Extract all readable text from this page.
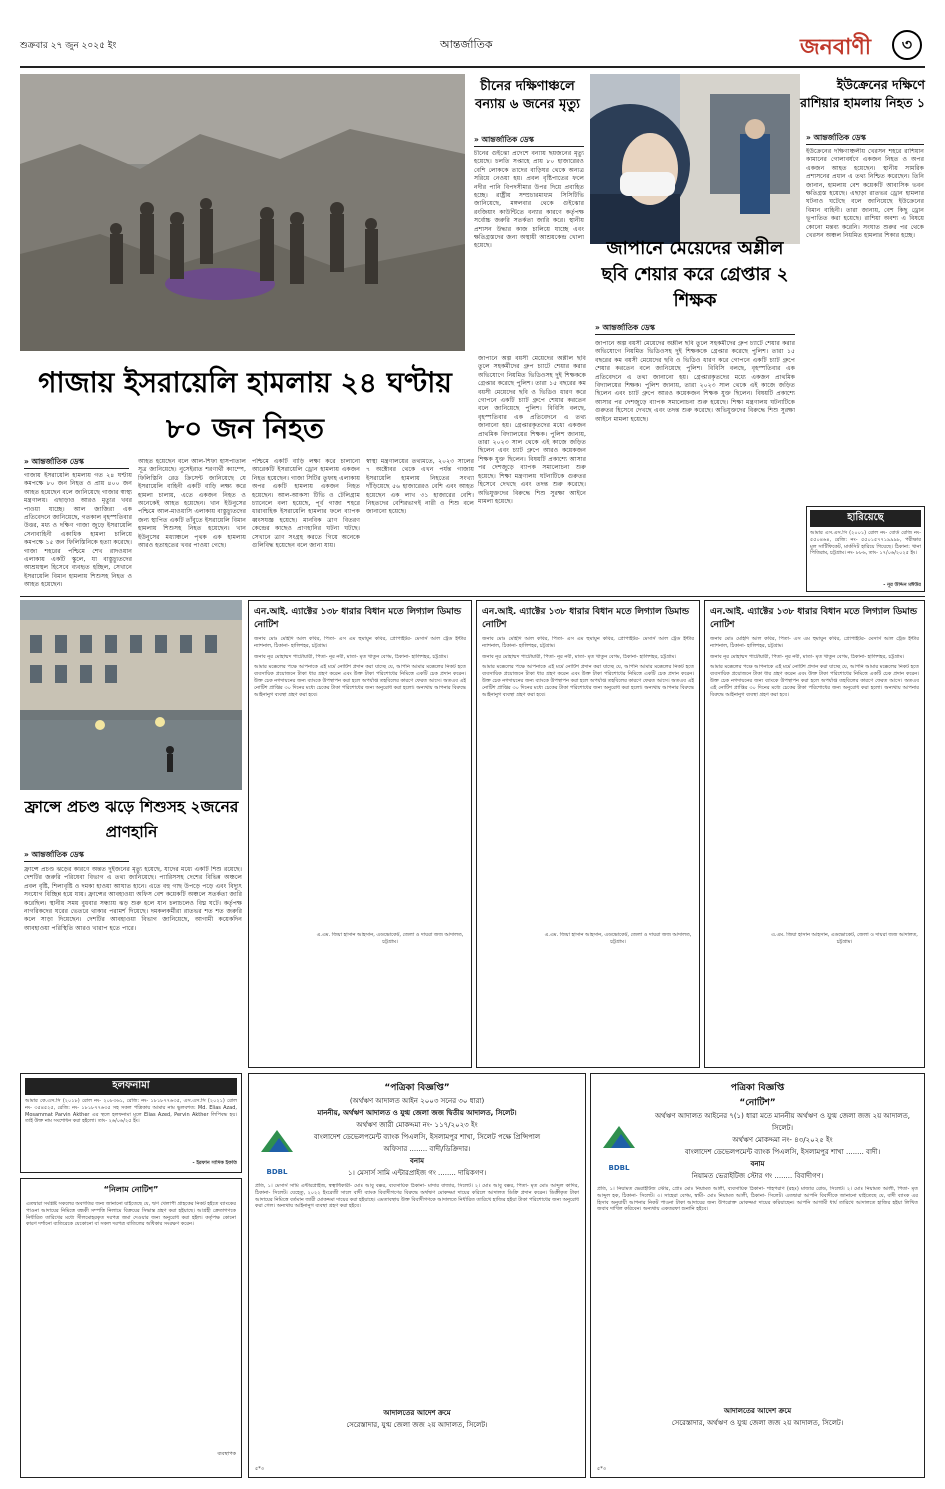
শুক্রবার ২৭ জুন ২০২৫ ইং	আন্তর্জাতিক	জনবাণী	৩
চীনের দক্ষিণাঞ্চলে বন্যায় ৬ জনের মৃত্যু
» আন্তর্জাতিক ডেস্ক
চীনের গুইঝো প্রদেশে বন্যায় ছয়জনের মৃত্যু হয়েছে। চলতি সপ্তাহে প্রায় ৮০ হাজারেরও বেশি লোককে তাদের বাড়িঘর থেকে অন্যত্র সরিয়ে নেওয়া হয়। প্রবল বৃষ্টিপাতের ফলে নদীর পানি বিপদসীমার উপর দিয়ে প্রবাহিত হচ্ছে। রাষ্ট্রীয় সম্প্রচারমাধ্যম সিসিটিভি জানিয়েছে, মঙ্গলবার থেকে গুইঝোর রংজিয়াং কাউন্টিতে বন্যার কারণে কর্তৃপক্ষ সর্বোচ্চ জরুরি সতর্কতা জারি করে। স্থানীয় প্রশাসন উদ্ধার কাজ চালিয়ে যাচ্ছে এবং ক্ষতিগ্রস্তদের জন্য অস্থায়ী আশ্রয়কেন্দ্র খোলা হয়েছে।
ইউক্রেনের দক্ষিণে রাশিয়ার হামলায় নিহত ১
» আন্তর্জাতিক ডেস্ক
ইউক্রেনের দক্ষিণাঞ্চলীয় খেরসন শহরে রাশিয়ান কামানের গোলাবর্ষণে একজন নিহত ও অপর একজন আহত হয়েছেন। স্থানীয় সামরিক প্রশাসনের প্রধান এ তথ্য নিশ্চিত করেছেন। তিনি জানান, হামলায় বেশ কয়েকটি আবাসিক ভবন ক্ষতিগ্রস্ত হয়েছে। এছাড়া রাতভর ড্রোন হামলার ঘটনাও ঘটেছে বলে জানিয়েছে ইউক্রেনের বিমান বাহিনী। তারা জানায়, বেশ কিছু ড্রোন ভূপাতিত করা হয়েছে। রাশিয়া অবশ্য এ বিষয়ে কোনো মন্তব্য করেনি। সংঘাত শুরুর পর থেকে খেরসন অঞ্চল নিয়মিত হামলার শিকার হচ্ছে।
জাপানে মেয়েদের অশ্লীল ছবি শেয়ার করে গ্রেপ্তার ২ শিক্ষক
» আন্তর্জাতিক ডেস্ক
জাপানে অল্প বয়সী মেয়েদের অশ্লীল ছবি তুলে সহকর্মীদের গ্রুপ চ্যাটে শেয়ার করার অভিযোগে নিয়মিত ভিডিওসহ দুই শিক্ষককে গ্রেপ্তার করেছে পুলিশ। তারা ১৫ বছরের কম বয়সী মেয়েদের ছবি ও ভিডিও ধারণ করে গোপনে একটি চ্যাট গ্রুপে শেয়ার করতেন বলে জানিয়েছে পুলিশ। বিবিসি বলছে, বৃহস্পতিবার এক প্রতিবেদনে এ তথ্য জানানো হয়। গ্রেপ্তারকৃতদের মধ্যে একজন প্রাথমিক বিদ্যালয়ের শিক্ষক। পুলিশ জানায়, তারা ২০২৩ সাল থেকে এই কাজে জড়িত ছিলেন এবং চ্যাট গ্রুপে আরও কয়েকজন শিক্ষক যুক্ত ছিলেন। বিষয়টি প্রকাশ্যে আসার পর দেশজুড়ে ব্যাপক সমালোচনা শুরু হয়েছে। শিক্ষা মন্ত্রণালয় ঘটনাটিকে গুরুতর হিসেবে দেখছে এবং তদন্ত শুরু করেছে। অভিযুক্তদের বিরুদ্ধে শিশু সুরক্ষা আইনে মামলা হয়েছে।
গাজায় ইসরায়েলি হামলায় ২৪ ঘণ্টায় ৮০ জন নিহত
» আন্তর্জাতিক ডেস্ক
গাজায় ইসরায়েলি হামলায় গত ২৪ ঘণ্টায় কমপক্ষে ৮০ জন নিহত ও প্রায় ৪০০ জন আহত হয়েছেন বলে জানিয়েছে গাজার স্বাস্থ্য মন্ত্রণালয়। এছাড়াও আরও মৃত্যুর খবর পাওয়া যাচ্ছে। আল জাজিরা এক প্রতিবেদনে জানিয়েছে, গতকাল বৃহস্পতিবার উত্তর, মধ্য ও দক্ষিণ গাজা জুড়ে ইসরায়েলি সেনাবাহিনী একাধিক হামলা চালিয়ে কমপক্ষে ১৫ জন ফিলিস্তিনিকে হত্যা করেছে। গাজা শহরের পশ্চিমে শেখ রাদওয়ান এলাকায় একটি স্কুলে, যা বাস্তুচ্যুতদের আশ্রয়স্থল হিসেবে ব্যবহৃত হচ্ছিল, সেখানে ইসরায়েলি বিমান হামলায় শিশুসহ নিহত ও আহত হয়েছেন।
আহত হয়েছেন বলে আল-শিফা হাসপাতাল সূত্র জানিয়েছে। নুসেইরাত শরণার্থী ক্যাম্পে, ফিলিস্তিনি রেড ক্রিসেন্ট জানিয়েছে যে ইসরায়েলি বাহিনী একটি বাড়ি লক্ষ্য করে হামলা চালায়, এতে একজন নিহত ও অনেকেই আহত হয়েছেন। খান ইউনুসের পশ্চিমে আল-মাওয়াসি এলাকায় বাস্তুচ্যুতদের জন্য স্থাপিত একটি তাঁবুতে ইসরায়েলি বিমান হামলায় শিশুসহ নিহত হয়েছেন। খান ইউনুসের মধ্যাঞ্চলে পৃথক এক হামলায় আরও হতাহতের খবর পাওয়া গেছে।
পশ্চিমে একটি বাড়ি লক্ষ্য করে চালানো আরেকটি ইসরায়েলি ড্রোন হামলায় একজন নিহত হয়েছেন। গাজা সিটির তুফাহ এলাকায় অপর একটি হামলায় একজন নিহত হয়েছেন। আল-আকসা টিভি ও টেলিগ্রাম চ্যানেলে বলা হয়েছে, পূর্ব গাজা শহরে ধারাবাহিক ইসরায়েলি হামলার ফলে ব্যাপক ধ্বংসযজ্ঞ হয়েছে। মানবিক ত্রাণ বিতরণ কেন্দ্রের কাছেও প্রাণহানির ঘটনা ঘটছে। সেখানে ত্রাণ সংগ্রহ করতে গিয়ে অনেকে গুলিবিদ্ধ হয়েছেন বলে জানা যায়।
স্বাস্থ্য মন্ত্রণালয়ের তথ্যমতে, ২০২৩ সালের ৭ অক্টোবর থেকে এখন পর্যন্ত গাজায় ইসরায়েলি হামলায় নিহতের সংখ্যা দাঁড়িয়েছে ৫৬ হাজারেরও বেশি এবং আহত হয়েছেন এক লাখ ৩১ হাজারের বেশি। নিহতদের বেশিরভাগই নারী ও শিশু বলে জানানো হয়েছে।
জাপানে অল্প বয়সী মেয়েদের অশ্লীল ছবি তুলে সহকর্মীদের গ্রুপ চ্যাটে শেয়ার করার অভিযোগে নিয়মিত ভিডিওসহ দুই শিক্ষককে গ্রেপ্তার করেছে পুলিশ। তারা ১৫ বছরের কম বয়সী মেয়েদের ছবি ও ভিডিও ধারণ করে গোপনে একটি চ্যাট গ্রুপে শেয়ার করতেন বলে জানিয়েছে পুলিশ। বিবিসি বলছে, বৃহস্পতিবার এক প্রতিবেদনে এ তথ্য জানানো হয়। গ্রেপ্তারকৃতদের মধ্যে একজন প্রাথমিক বিদ্যালয়ের শিক্ষক। পুলিশ জানায়, তারা ২০২৩ সাল থেকে এই কাজে জড়িত ছিলেন এবং চ্যাট গ্রুপে আরও কয়েকজন শিক্ষক যুক্ত ছিলেন। বিষয়টি প্রকাশ্যে আসার পর দেশজুড়ে ব্যাপক সমালোচনা শুরু হয়েছে। শিক্ষা মন্ত্রণালয় ঘটনাটিকে গুরুতর হিসেবে দেখছে এবং তদন্ত শুরু করেছে। অভিযুক্তদের বিরুদ্ধে শিশু সুরক্ষা আইনে মামলা হয়েছে।
হারিয়েছে
আমার এস.এস.সি (২০০১) রোল নং- বোর্ড রেজি নং- ৫৫০৪৬৪, রেজি: নং- ৫৫০১৫৭৭১৯৯৯৮, পরীক্ষার মূল সার্টিফিকেট, মার্কসিট হারিয়ে গিয়েছে। ঠিকানা: খানা পিতিরাম, চট্টগ্রাম। নং- ৮৮৬, তাং- ১৭/০৬/২০২৫ ইং।
- নূর উদ্দিন মঈউর
ফ্রান্সে প্রচণ্ড ঝড়ে শিশুসহ ২জনের প্রাণহানি
» আন্তর্জাতিক ডেস্ক
ফ্রান্সে প্রচণ্ড ঝড়ের কারণে অন্তত দুইজনের মৃত্যু হয়েছে, যাদের মধ্যে একটি শিশু রয়েছে। দেশটির জরুরি পরিষেবা বিভাগ এ তথ্য জানিয়েছে। প্যারিসসহ দেশের বিভিন্ন অঞ্চলে প্রবল বৃষ্টি, শিলাবৃষ্টি ও দমকা হাওয়া আঘাত হানে। এতে বহু গাছ উপড়ে পড়ে এবং বিদ্যুৎ সংযোগ বিচ্ছিন্ন হয়ে যায়। ফ্রান্সের আবহাওয়া অফিস বেশ কয়েকটি অঞ্চলে সতর্কতা জারি করেছিল। স্থানীয় সময় বুধবার সন্ধ্যায় ঝড় শুরু হলে যান চলাচলেও বিঘ্ন ঘটে। কর্তৃপক্ষ নাগরিকদের ঘরের ভেতরে থাকার পরামর্শ দিয়েছে। দমকলকর্মীরা রাতভর শত শত জরুরি কলে সাড়া দিয়েছেন। দেশটির আবহাওয়া বিভাগ জানিয়েছে, আগামী কয়েকদিন আবহাওয়া পরিস্থিতি আরও খারাপ হতে পারে।
এন.আই. এ্যাক্টের ১৩৮ ধারার বিধান মতে লিগ্যাল ডিমান্ড নোটিশ
জনাব মোঃ মেহিদি আল কবির, পিতা- এস এম হুমায়ুন কবির, প্রোপাইটর- মেসার্স আল ট্রেড ইন্টার ন্যাশনাল, ঠিকানা- হালিশহর, চট্টগ্রাম।
জনাব নূর মোহাম্মদ পাটোয়ারী, পিতা- নূর নবী, মাতা- মৃত খাতুন বেগম, ঠিকানা- হালিশহর, চট্টগ্রাম।
আমার মক্কেলের পক্ষে আপনাকে এই মর্মে নোটিশ প্রদান করা যাচ্ছে যে, আপনি আমার মক্কেলের নিকট হতে ব্যবসায়িক প্রয়োজনে টাকা ধার গ্রহণ করেন এবং উক্ত টাকা পরিশোধের নিমিত্তে একটি চেক প্রদান করেন। উক্ত চেক নগদায়নের জন্য ব্যাংকে উপস্থাপন করা হলে অপর্যাপ্ত তহবিলের কারণে ফেরত আসে। অতএব এই নোটিশ প্রাপ্তির ৩০ দিনের মধ্যে চেকের টাকা পরিশোধের জন্য অনুরোধ করা হলো। অন্যথায় আপনার বিরুদ্ধে আইনানুগ ব্যবস্থা গ্রহণ করা হবে।
এ.এম. জিয়া হাসান আহসান, এডভোকেট, জেলা ও দায়রা জজ আদালত, চট্টগ্রাম।
এন.আই. এ্যাক্টের ১৩৮ ধারার বিধান মতে লিগ্যাল ডিমান্ড নোটিশ
জনাব মোঃ মেহিদি আল কবির, পিতা- এস এম হুমায়ুন কবির, প্রোপাইটর- মেসার্স আল ট্রেড ইন্টার ন্যাশনাল, ঠিকানা- হালিশহর, চট্টগ্রাম।
জনাব নূর মোহাম্মদ পাটোয়ারী, পিতা- নূর নবী, মাতা- মৃত খাতুন বেগম, ঠিকানা- হালিশহর, চট্টগ্রাম।
আমার মক্কেলের পক্ষে আপনাকে এই মর্মে নোটিশ প্রদান করা যাচ্ছে যে, আপনি আমার মক্কেলের নিকট হতে ব্যবসায়িক প্রয়োজনে টাকা ধার গ্রহণ করেন এবং উক্ত টাকা পরিশোধের নিমিত্তে একটি চেক প্রদান করেন। উক্ত চেক নগদায়নের জন্য ব্যাংকে উপস্থাপন করা হলে অপর্যাপ্ত তহবিলের কারণে ফেরত আসে। অতএব এই নোটিশ প্রাপ্তির ৩০ দিনের মধ্যে চেকের টাকা পরিশোধের জন্য অনুরোধ করা হলো। অন্যথায় আপনার বিরুদ্ধে আইনানুগ ব্যবস্থা গ্রহণ করা হবে।
এ.এম. জিয়া হাসান আহসান, এডভোকেট, জেলা ও দায়রা জজ আদালত, চট্টগ্রাম।
এন.আই. এ্যাক্টের ১৩৮ ধারার বিধান মতে লিগ্যাল ডিমান্ড নোটিশ
জনাব মোঃ মেহিদি আল কবির, পিতা- এস এম হুমায়ুন কবির, প্রোপাইটর- মেসার্স আল ট্রেড ইন্টার ন্যাশনাল, ঠিকানা- হালিশহর, চট্টগ্রাম।
জনাব নূর মোহাম্মদ পাটোয়ারী, পিতা- নূর নবী, মাতা- মৃত খাতুন বেগম, ঠিকানা- হালিশহর, চট্টগ্রাম।
আমার মক্কেলের পক্ষে আপনাকে এই মর্মে নোটিশ প্রদান করা যাচ্ছে যে, আপনি আমার মক্কেলের নিকট হতে ব্যবসায়িক প্রয়োজনে টাকা ধার গ্রহণ করেন এবং উক্ত টাকা পরিশোধের নিমিত্তে একটি চেক প্রদান করেন। উক্ত চেক নগদায়নের জন্য ব্যাংকে উপস্থাপন করা হলে অপর্যাপ্ত তহবিলের কারণে ফেরত আসে। অতএব এই নোটিশ প্রাপ্তির ৩০ দিনের মধ্যে চেকের টাকা পরিশোধের জন্য অনুরোধ করা হলো। অন্যথায় আপনার বিরুদ্ধে আইনানুগ ব্যবস্থা গ্রহণ করা হবে।
এ.এম. জিয়া হাসান আহসান, এডভোকেট, জেলা ও দায়রা জজ আদালত, চট্টগ্রাম।
হলফনামা
আমার কে.এস.সি (২০১৮) রোল নং- ২০৮৩৬১, রেজি: নং- ১৮১৮৭৭৬৩৫, এস.এস.সি (২০২১) রোল নং- ৩৫৪৫২৫, রেজি: নং- ১৮১৮৭৭৬৩৫ সহ সকল পত্রিকায় আমার নাম ভুলবশত: Md. Elias Azad, Mosammat Parvin Akther এর স্থলে হলফনামা মূলে Elias Azed, Pervin Akther লিপিবদ্ধ হয়। তাই উক্ত নাম সংশোধন করা হইলো। তাং- ২৬/০৬/২৫ ইং।
- ইরফান সাদিক ইফতি
“নিলাম নোটিশ”
এতদ্বারা সংশ্লিষ্ট সকলের অবগতির জন্য জানানো যাইতেছে যে, ঋণ খেলাপী গ্রাহকের নিকট হইতে ব্যাংকের পাওনা আদায়ের নিমিত্তে বন্ধকী সম্পত্তি নিলামে বিক্রয়ের সিদ্ধান্ত গ্রহণ করা হইয়াছে। আগ্রহী ক্রেতাগণকে নির্ধারিত তারিখের মধ্যে সীলমোহরকৃত দরপত্র জমা দেওয়ার জন্য অনুরোধ করা হইল। কর্তৃপক্ষ কোনো কারণ দর্শানো ব্যতিরেকে যেকোনো বা সকল দরপত্র বাতিলের অধিকার সংরক্ষণ করেন।
ব্যবস্থাপক
“পত্রিকা বিজ্ঞপ্তি”
(অর্থঋণ আদালত আইন ২০০৩ সনের ৩০ ধারা)
মাননীয়, অর্থঋণ আদালত ও যুগ্ম জেলা জজ দ্বিতীয় আদালত, সিলেট।
অর্থঋণ জারী মোকদ্দমা নং- ১১৭/২০২৩ ইং
BDBL
বাংলাদেশ ডেভেলপমেন্ট ব্যাংক পিএলসি, ইসলামপুর শাখা, সিলেট পক্ষে প্রিন্সিপাল অফিসার ........ বাদী/ডিক্রিদার।
বনাম
১। মেসার্স সামি এন্টারপ্রাইজ গং ........ দায়িকগণ।
প্রতি, ১। মেসার্স সামি এন্টারপ্রাইজ, স্বত্বাধিকারী- মোঃ আবু বক্কর, ব্যবসায়িক ঠিকানা- মাদার বাজার, সিলেট। ২। মোঃ আবু বক্কর, পিতা- মৃত মোঃ আব্দুল কাদির, ঠিকানা- সিলেট। যেহেতু, ২০২২ ইংরেজী সালে বাদী ব্যাংক বিবাদীগণের বিরুদ্ধে অর্থঋণ মোকদ্দমা দায়ের করিলে আদালত ডিক্রি প্রদান করেন। ডিক্রীকৃত টাকা আদায়ের নিমিত্তে বর্তমান জারী মোকদ্দমা দায়ের করা হইয়াছে। এমতাবস্থায় উক্ত বিবাদীগণকে আদালতে নির্ধারিত তারিখে হাজির হইয়া টাকা পরিশোধের জন্য অনুরোধ করা গেল। অন্যথায় আইনানুগ ব্যবস্থা গ্রহণ করা হইবে।
আদালতের আদেশ ক্রমে
সেরেস্তাদার, যুগ্ম জেলা জজ ২য় আদালত, সিলেট।
৫*৩
পত্রিকা বিজ্ঞপ্তি
“নোটিশ”
BDBL
অর্থঋণ আদালত আইনের ৭(১) ধারা মতে মাননীয় অর্থঋণ ও যুগ্ম জেলা জজ ২য় আদালত, সিলেট।
অর্থঋণ মোকদ্দমা নং- ৪৩/২০২৫ ইং
বাংলাদেশ ডেভেলপমেন্ট ব্যাংক পিএলসি, ইসলামপুর শাখা ........ বাদী।
বনাম
নিয়ামত ভেরাইটিজ স্টোর গং ........ বিবাদীগণ।
প্রতি, ১। নিয়ামত ভেরাইটিজ স্টোর, প্রোঃ মোঃ নিয়ামত আলী, ব্যবসায়িক ঠিকানা- শাহপরাণ (রহঃ) মাজার রোড, সিলেট। ২। মোঃ নিয়ামত আলী, পিতা- মৃত আব্দুল হক, ঠিকানা- সিলেট। ৩। সাহেরা বেগম, স্বামী- মোঃ নিয়ামত আলী, ঠিকানা- সিলেট। এতদ্বারা আপনি বিবাদীকে জানানো যাইতেছে যে, বাদী ব্যাংক এর হিসাব অনুযায়ী আপনার নিকট পাওনা টাকা আদায়ের জন্য উপরোক্ত মোকদ্দমা দায়ের করিয়াছেন। আপনি আগামী ধার্য তারিখে আদালতে হাজির হইয়া লিখিত জবাব দাখিল করিবেন। অন্যথায় একতরফা শুনানি হইবে।
আদালতের আদেশ ক্রমে
সেরেস্তাদার, অর্থঋণ ও যুগ্ম জেলা জজ ২য় আদালত, সিলেট।
৫*৩
